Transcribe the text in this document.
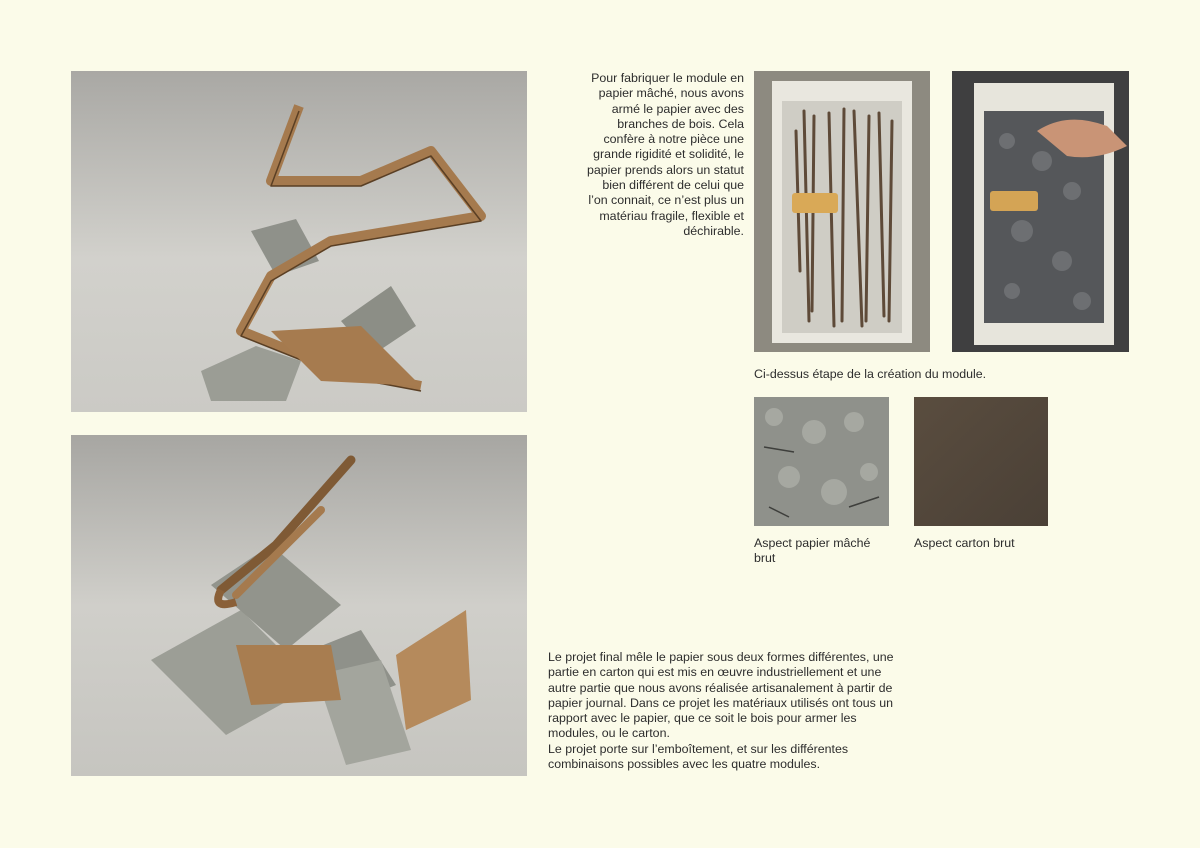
Pour fabriquer le module en papier mâché, nous avons armé le papier avec des branches de bois. Cela confère à notre pièce une grande rigidité et solidité, le papier prends alors un statut bien différent de celui que l’on connait, ce n’est plus un matériau fragile, flexible et déchirable.

Ci-dessus étape de la création du module.

Aspect papier mâché brut

Aspect carton brut

Le projet final mêle le papier sous deux formes différentes, une partie en carton qui est mis en œuvre industriellement et une autre partie que nous avons réalisée artisanalement à partir de papier journal. Dans ce projet les matériaux utilisés ont tous un rapport avec le papier, que ce soit le bois pour armer les modules, ou le carton.
Le projet porte sur l’emboîtement, et sur les différentes combinaisons possibles avec les quatre modules.
